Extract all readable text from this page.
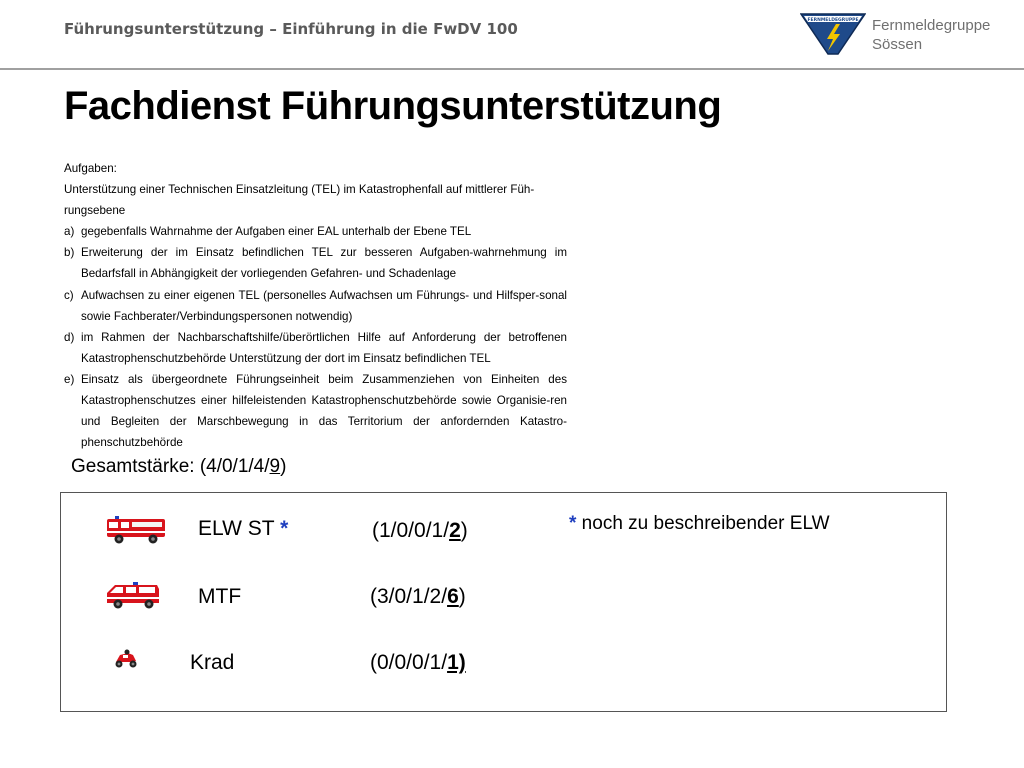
Führungsunterstützung – Einführung in die FwDV 100	FERNMELDEGRUPPE Fernmeldegruppe
Sössen
Fachdienst Führungsunterstützung
Aufgaben:
Unterstützung einer Technischen Einsatzleitung (TEL) im Katastrophenfall auf mittlerer Füh-
rungsebene
a) gegebenfalls Wahrnahme der Aufgaben einer EAL unterhalb der Ebene TEL
b) Erweiterung der im Einsatz befindlichen TEL zur besseren Aufgaben-wahrnehmung im Bedarfsfall in Abhängigkeit der vorliegenden Gefahren- und Schadenlage
c) Aufwachsen zu einer eigenen TEL (personelles Aufwachsen um Führungs- und Hilfsper-sonal sowie Fachberater/Verbindungspersonen notwendig)
d) im Rahmen der Nachbarschaftshilfe/überörtlichen Hilfe auf Anforderung der betroffenen Katastrophenschutzbehörde Unterstützung der dort im Einsatz befindlichen TEL
e) Einsatz als übergeordnete Führungseinheit beim Zusammenziehen von Einheiten des Katastrophenschutzes einer hilfeleistenden Katastrophenschutzbehörde sowie Organisie-ren und Begleiten der Marschbewegung in das Territorium der anfordernden Katastro-phenschutzbehörde
Gesamtstärke: (4/0/1/4/9)
ELW ST *	(1/0/0/1/2)	* noch zu beschreibender ELW
MTF	(3/0/1/2/6)
Krad	(0/0/0/1/1)
